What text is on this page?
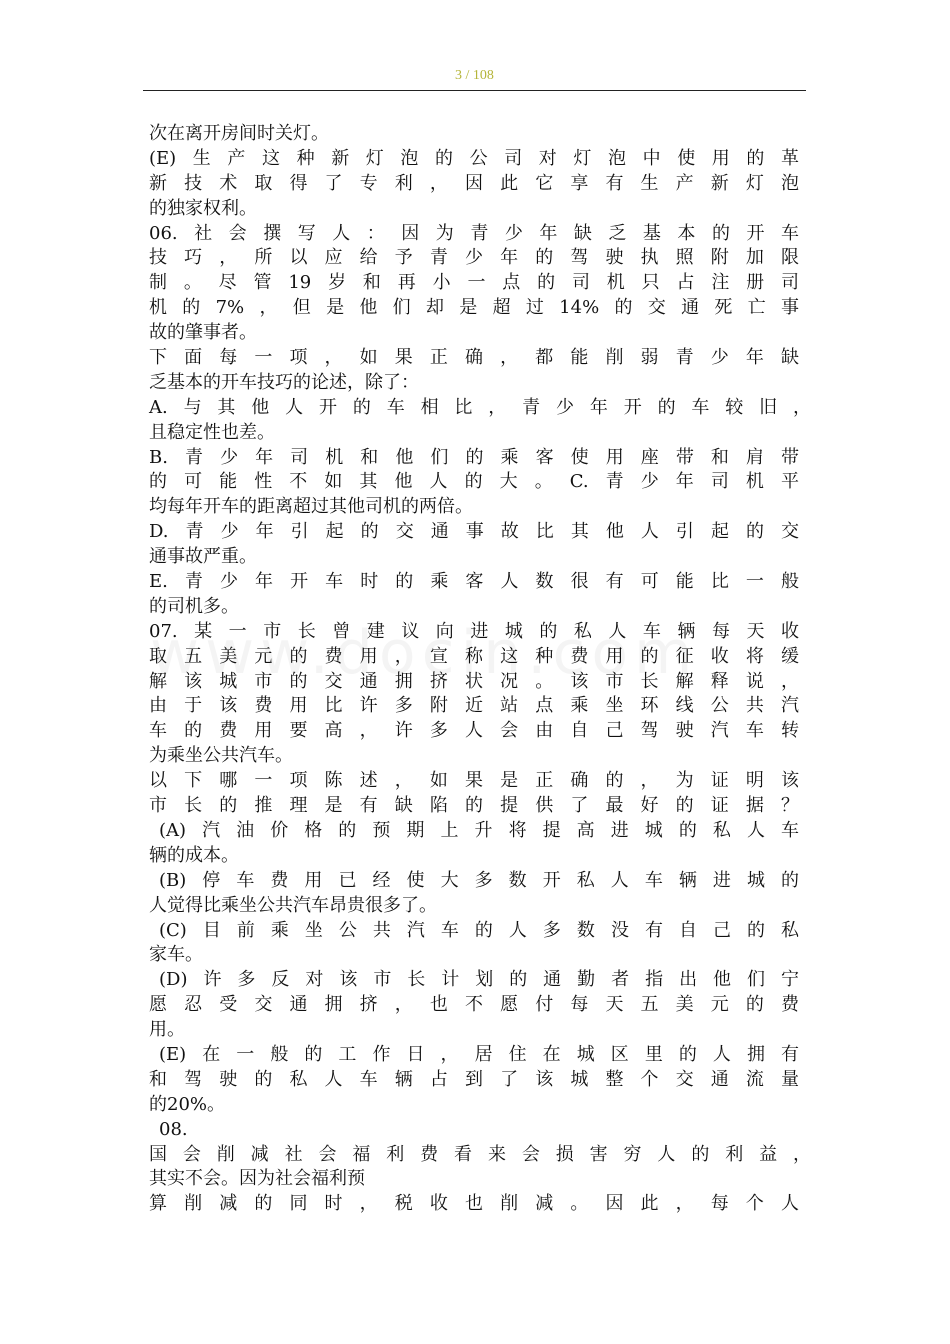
3 / 108
次在离开房间时关灯。
(E)生产这种新灯泡的公司对灯泡中使用的革
新技术取得了专利，因此它享有生产新灯泡
的独家权利。
06.社会撰写人：因为青少年缺乏基本的开车
技巧，所以应给予青少年的驾驶执照附加限
制。尽管19岁和再小一点的司机只占注册司
机的7%，但是他们却是超过14%的交通死亡事
故的肇事者。
下面每一项，如果正确，都能削弱青少年缺
乏基本的开车技巧的论述，除了：
A.与其他人开的车相比，青少年开的车较旧，
且稳定性也差。
B.青少年司机和他们的乘客使用座带和肩带
的可能性不如其他人的大。C.青少年司机平
均每年开车的距离超过其他司机的两倍。
D.青少年引起的交通事故比其他人引起的交
通事故严重。
E.青少年开车时的乘客人数很有可能比一般
的司机多。
07.某一市长曾建议向进城的私人车辆每天收
取五美元的费用，宣称这种费用的征收将缓
解该城市的交通拥挤状况。该市长解释说，
由于该费用比许多附近站点乘坐环线公共汽
车的费用要高，许多人会由自己驾驶汽车转
为乘坐公共汽车。
以下哪一项陈述，如果是正确的，为证明该
市长的推理是有缺陷的提供了最好的证据？
(A)汽油价格的预期上升将提高进城的私人车
辆的成本。
(B)停车费用已经使大多数开私人车辆进城的
人觉得比乘坐公共汽车昂贵很多了。
(C)目前乘坐公共汽车的人多数没有自己的私
家车。
(D)许多反对该市长计划的通勤者指出他们宁
愿忍受交通拥挤，也不愿付每天五美元的费
用。
(E)在一般的工作日，居住在城区里的人拥有
和驾驶的私人车辆占到了该城整个交通流量
的20%。
08.
国会削减社会福利费看来会损害穷人的利益，
其实不会。因为社会福利预
算削减的同时，税收也削减。因此，每个人
